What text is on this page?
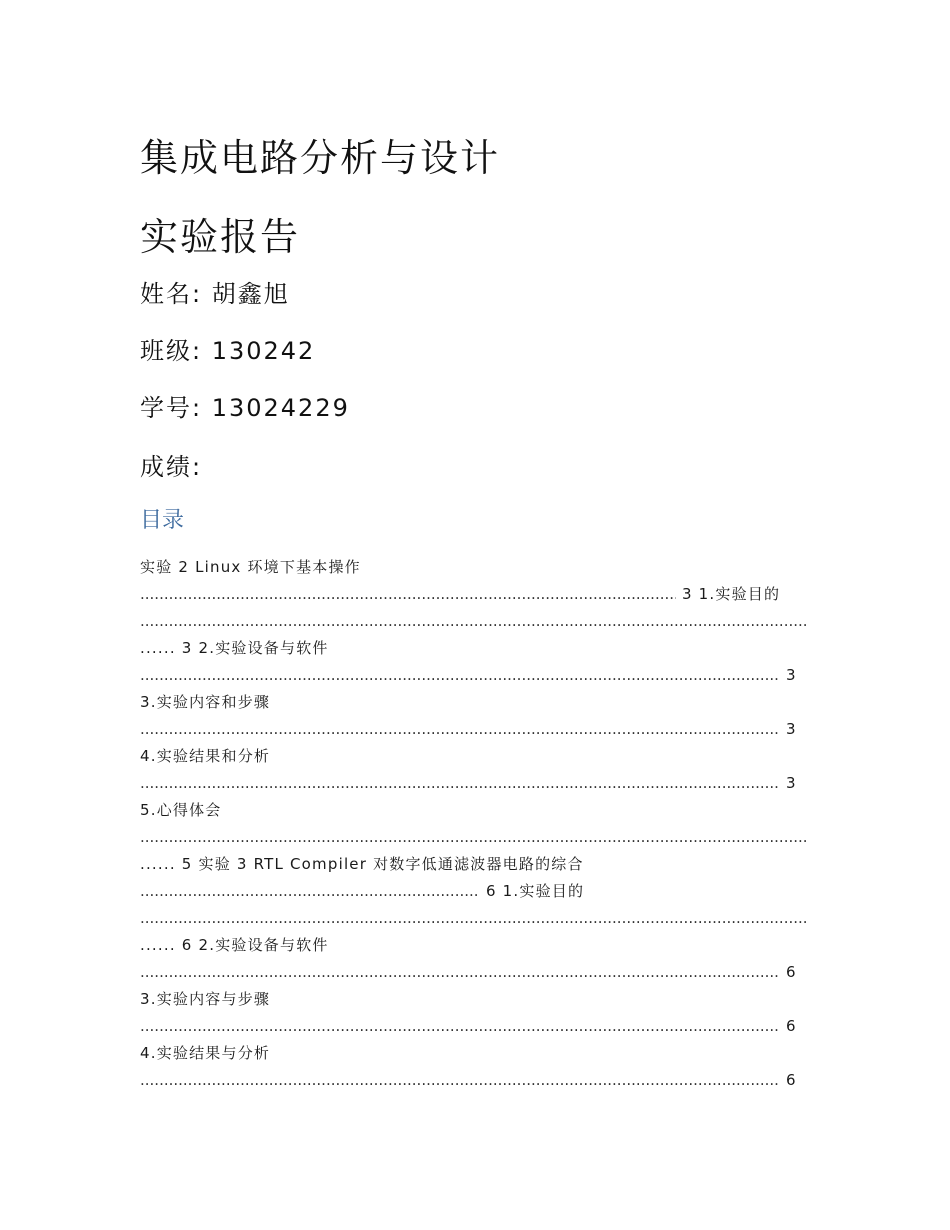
集成电路分析与设计
实验报告
姓名: 胡鑫旭
班级: 130242
学号: 13024229
成绩:
目录
实验 2 Linux 环境下基本操作
..... 3 1.实验目的
.....
...... 3 2.实验设备与软件
..... 3
3.实验内容和步骤
..... 3
4.实验结果和分析
..... 3
5.心得体会
.....
...... 5 实验 3 RTL Compiler 对数字低通滤波器电路的综合
..... 6 1.实验目的
.....
...... 6 2.实验设备与软件
..... 6
3.实验内容与步骤
..... 6
4.实验结果与分析
..... 6
